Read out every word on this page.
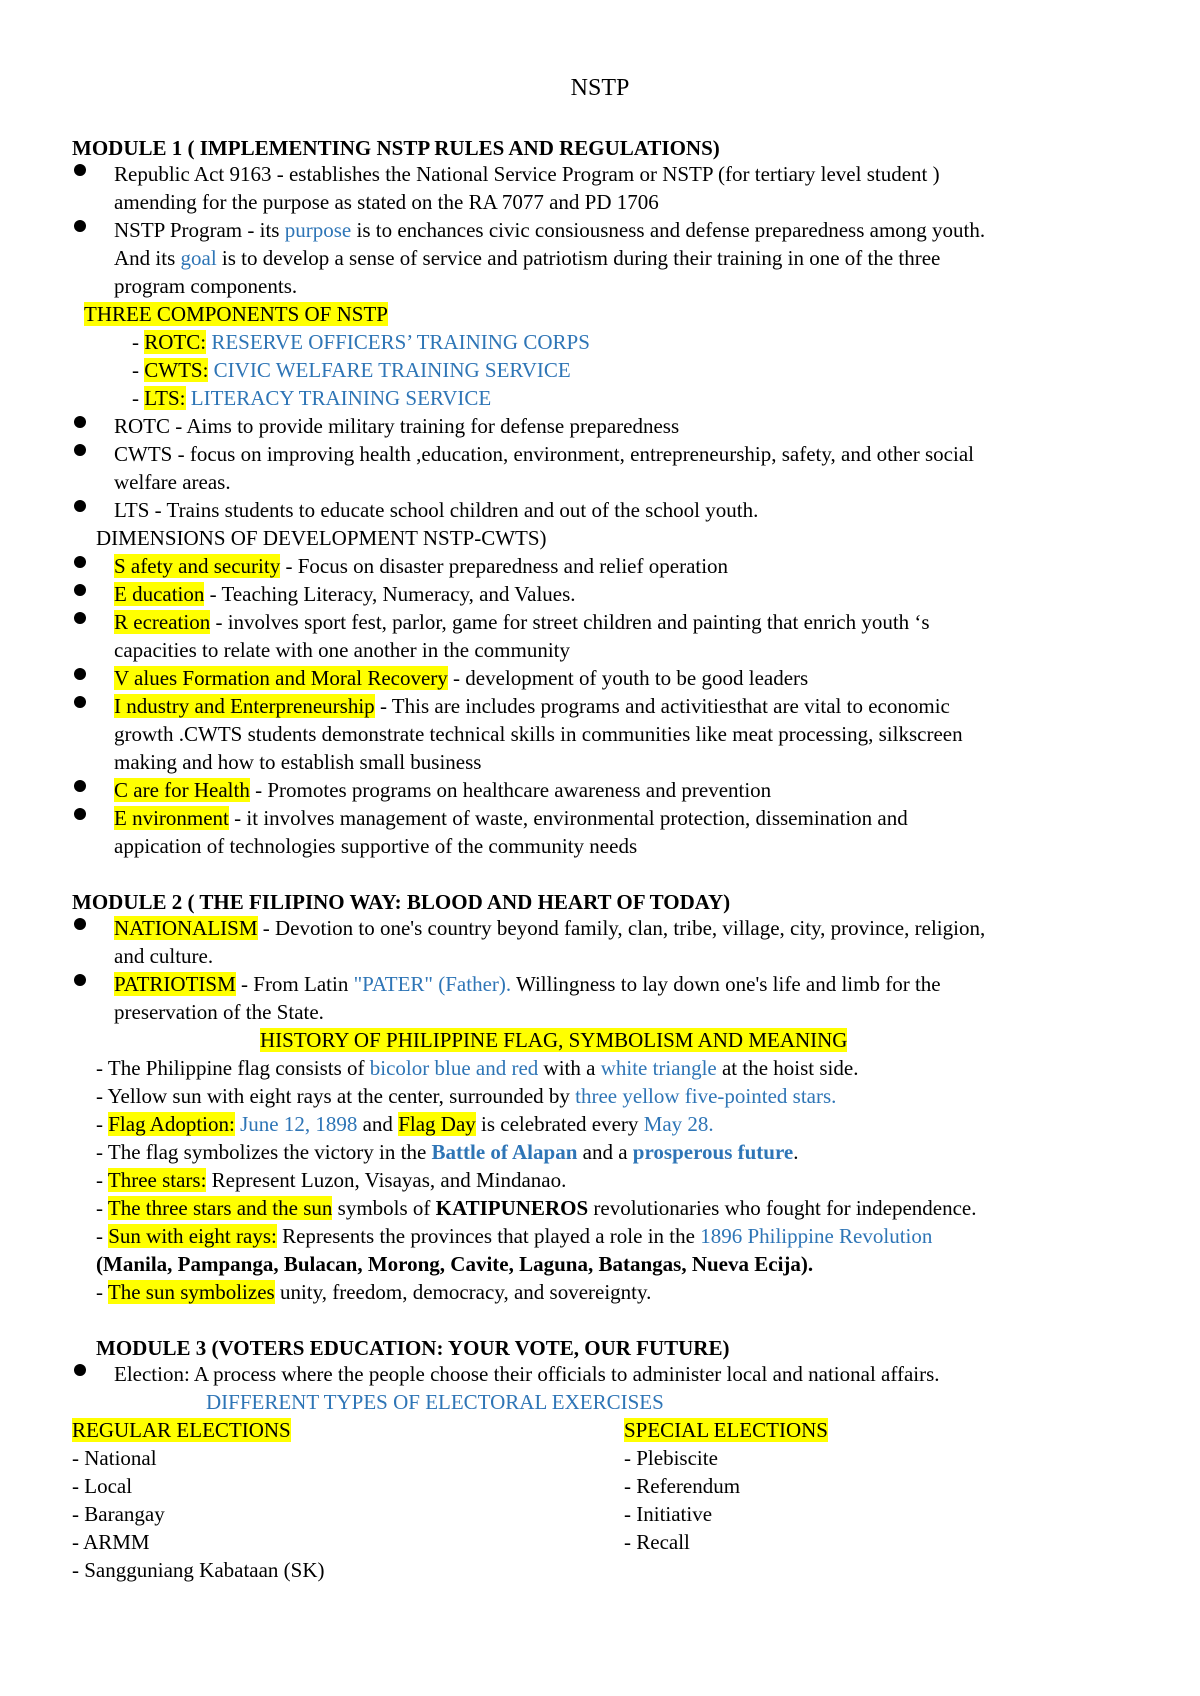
NSTP
MODULE 1 ( IMPLEMENTING NSTP RULES AND REGULATIONS)
Republic Act 9163 - establishes the National Service Program or NSTP (for tertiary level student )
amending for the purpose as stated on the RA 7077 and PD 1706
NSTP Program - its purpose is to enchances civic consiousness and defense preparedness among youth.
And its goal is to develop a sense of service and patriotism during their training in one of the three
program components.
THREE COMPONENTS OF NSTP
- ROTC: RESERVE OFFICERS’ TRAINING CORPS
- CWTS: CIVIC WELFARE TRAINING SERVICE
- LTS: LITERACY TRAINING SERVICE
ROTC - Aims to provide military training for defense preparedness
CWTS - focus on improving health ,education, environment, entrepreneurship, safety, and other social
welfare areas.
LTS - Trains students to educate school children and out of the school youth.
DIMENSIONS OF DEVELOPMENT NSTP-CWTS)
S afety and security - Focus on disaster preparedness and relief operation
E ducation - Teaching Literacy, Numeracy, and Values.
R ecreation - involves sport fest, parlor, game for street children and painting that enrich youth ‘s
capacities to relate with one another in the community
V alues Formation and Moral Recovery - development of youth to be good leaders
I ndustry and Enterpreneurship - This are includes programs and activitiesthat are vital to economic
growth .CWTS students demonstrate technical skills in communities like meat processing, silkscreen
making and how to establish small business
C are for Health - Promotes programs on healthcare awareness and prevention
E nvironment - it involves management of waste, environmental protection, dissemination and
appication of technologies supportive of the community needs
MODULE 2 ( THE FILIPINO WAY: BLOOD AND HEART OF TODAY)
NATIONALISM - Devotion to one's country beyond family, clan, tribe, village, city, province, religion,
and culture.
PATRIOTISM - From Latin "PATER" (Father). Willingness to lay down one's life and limb for the
preservation of the State.
HISTORY OF PHILIPPINE FLAG, SYMBOLISM AND MEANING
- The Philippine flag consists of bicolor blue and red with a white triangle at the hoist side.
- Yellow sun with eight rays at the center, surrounded by three yellow five-pointed stars.
- Flag Adoption: June 12, 1898 and Flag Day is celebrated every May 28.
- The flag symbolizes the victory in the Battle of Alapan and a prosperous future.
- Three stars: Represent Luzon, Visayas, and Mindanao.
- The three stars and the sun symbols of KATIPUNEROS revolutionaries who fought for independence.
- Sun with eight rays: Represents the provinces that played a role in the 1896 Philippine Revolution
(Manila, Pampanga, Bulacan, Morong, Cavite, Laguna, Batangas, Nueva Ecija).
- The sun symbolizes unity, freedom, democracy, and sovereignty.
MODULE 3 (VOTERS EDUCATION: YOUR VOTE, OUR FUTURE)
Election: A process where the people choose their officials to administer local and national affairs.
DIFFERENT TYPES OF ELECTORAL EXERCISES
REGULAR ELECTIONS
- National
- Local
- Barangay
- ARMM
- Sangguniang Kabataan (SK)
SPECIAL ELECTIONS
- Plebiscite
- Referendum
- Initiative
- Recall
